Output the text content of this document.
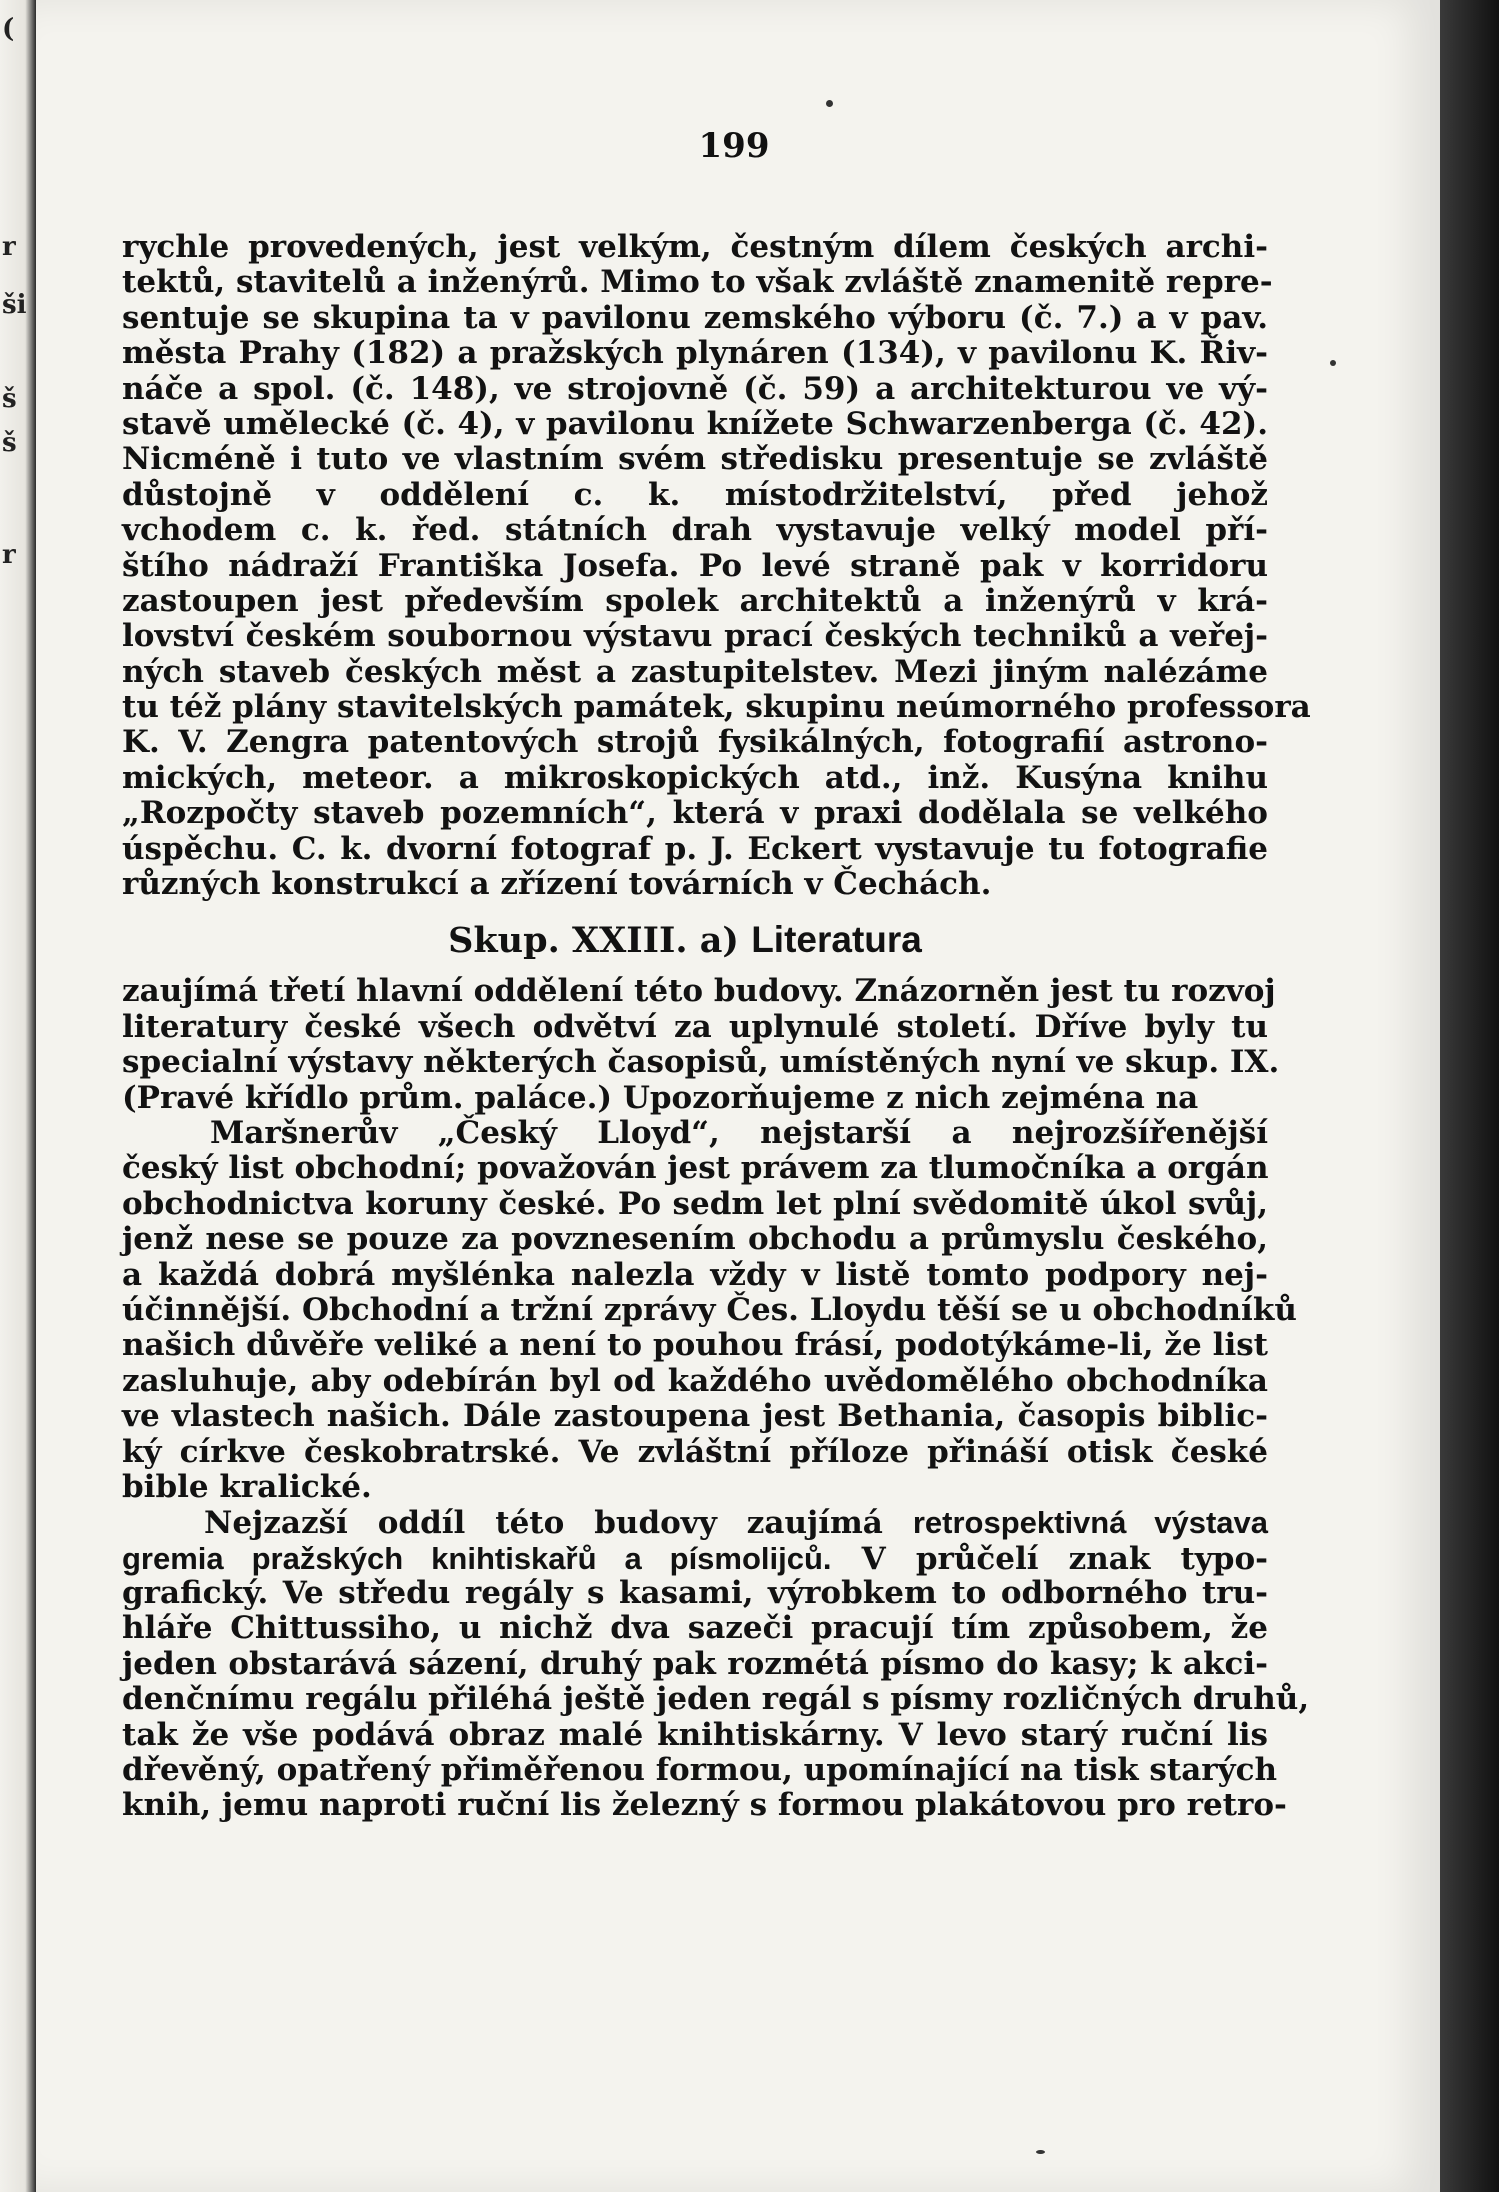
(
r
ši
š
š
r
199
rychle provedených, jest velkým, čestným dílem českých archi-
tektů, stavitelů a inženýrů. Mimo to však zvláště znamenitě repre-
sentuje se skupina ta v pavilonu zemského výboru (č. 7.) a v pav.
města Prahy (182) a pražských plynáren (134), v pavilonu K. Řiv-
náče a spol. (č. 148), ve strojovně (č. 59) a architekturou ve vý-
stavě umělecké (č. 4), v pavilonu knížete Schwarzenberga (č. 42).
Nicméně i tuto ve vlastním svém středisku presentuje se zvláště
důstojně v oddělení c. k. místodržitelství, před jehož
vchodem c. k. řed. státních drah vystavuje velký model pří-
štího nádraží Františka Josefa. Po levé straně pak v korridoru
zastoupen jest především spolek architektů a inženýrů v krá-
lovství českém soubornou výstavu prací českých techniků a veřej-
ných staveb českých měst a zastupitelstev. Mezi jiným nalézáme
tu též plány stavitelských památek, skupinu neúmorného professora
K. V. Zengra patentových strojů fysikálných, fotografií astrono-
mických, meteor. a mikroskopických atd., inž. Kusýna knihu
„Rozpočty staveb pozemních“, která v praxi dodělala se velkého
úspěchu. C. k. dvorní fotograf p. J. Eckert vystavuje tu fotografie
různých konstrukcí a zřízení továrních v Čechách.
Skup. XXIII. a) Literatura
zaujímá třetí hlavní oddělení této budovy. Znázorněn jest tu rozvoj
literatury české všech odvětví za uplynulé století. Dříve byly tu
specialní výstavy některých časopisů, umístěných nyní ve skup. IX.
(Pravé křídlo prům. paláce.) Upozorňujeme z nich zejména na
Maršnerův „Český Lloyd“, nejstarší a nejrozšířenější
český list obchodní; považován jest právem za tlumočníka a orgán
obchodnictva koruny české. Po sedm let plní svědomitě úkol svůj,
jenž nese se pouze za povznesením obchodu a průmyslu českého,
a každá dobrá myšlénka nalezla vždy v listě tomto podpory nej-
účinnější. Obchodní a tržní zprávy Čes. Lloydu těší se u obchodníků
našich důvěře veliké a není to pouhou frásí, podotýkáme-li, že list
zasluhuje, aby odebírán byl od každého uvědomělého obchodníka
ve vlastech našich. Dále zastoupena jest Bethania, časopis biblic-
ký církve českobratrské. Ve zvláštní příloze přináší otisk české
bible kralické.
Nejzazší oddíl této budovy zaujímá retrospektivná výstava
gremia pražských knihtiskařů a písmolijců. V průčelí znak typo-
grafický. Ve středu regály s kasami, výrobkem to odborného tru-
hláře Chittussiho, u nichž dva sazeči pracují tím způsobem, že
jeden obstarává sázení, druhý pak rozmétá písmo do kasy; k akci-
denčnímu regálu přiléhá ještě jeden regál s písmy rozličných druhů,
tak že vše podává obraz malé knihtiskárny. V levo starý ruční lis
dřevěný, opatřený přiměřenou formou, upomínající na tisk starých
knih, jemu naproti ruční lis železný s formou plakátovou pro retro-
